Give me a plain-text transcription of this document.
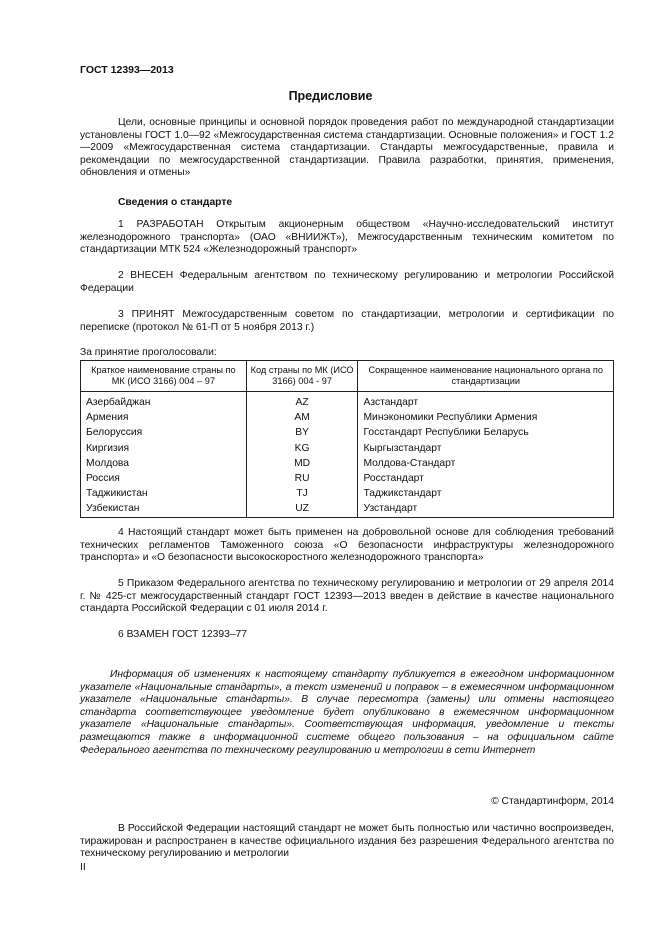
ГОСТ 12393—2013
Предисловие

Цели, основные принципы и основной порядок проведения работ по международной стандартизации установлены ГОСТ 1.0—92 «Межгосударственная система стандартизации. Основные положения» и ГОСТ 1.2—2009 «Межгосударственная система стандартизации. Стандарты межгосударственные, правила и рекомендации по межгосударственной стандартизации. Правила разработки, принятия, применения, обновления и отмены»

Сведения о стандарте

1 РАЗРАБОТАН Открытым акционерным обществом «Научно-исследовательский институт железнодорожного транспорта» (ОАО «ВНИИЖТ»), Межгосударственным техническим комитетом по стандартизации МТК 524 «Железнодорожный транспорт»

2 ВНЕСЕН Федеральным агентством по техническому регулированию и метрологии Российской Федерации

3 ПРИНЯТ Межгосударственным советом по стандартизации, метрологии и сертификации по переписке (протокол № 61-П от 5 ноября 2013 г.)

За принятие проголосовали:
Краткое наименование страны по МК (ИСО 3166) 004 – 97	Код страны по МК (ИСО 3166) 004 - 97	Сокращенное наименование национального органа по стандартизации
Азербайджан	AZ	Азстандарт
Армения	AM	Минэкономики Республики Армения
Белоруссия	BY	Госстандарт Республики Беларусь
Киргизия	KG	Кыргызстандарт
Молдова	MD	Молдова-Стандарт
Россия	RU	Росстандарт
Таджикистан	TJ	Таджикстандарт
Узбекистан	UZ	Узстандарт

4 Настоящий стандарт может быть применен на добровольной основе для соблюдения требований технических регламентов Таможенного союза «О безопасности инфраструктуры железнодорожного транспорта» и «О безопасности высокоскоростного железнодорожного транспорта»

5 Приказом Федерального агентства по техническому регулированию и метрологии от 29 апреля 2014 г. № 425-ст межгосударственный стандарт ГОСТ 12393—2013 введен в действие в качестве национального стандарта Российской Федерации с 01 июля 2014 г.

6 ВЗАМЕН ГОСТ 12393–77

Информация об изменениях к настоящему стандарту публикуется в ежегодном информационном указателе «Национальные стандарты», а текст изменений и поправок – в ежемесячном информационном указателе «Национальные стандарты». В случае пересмотра (замены) или отмены настоящего стандарта соответствующее уведомление будет опубликовано в ежемесячном информационном указателе «Национальные стандарты». Соответствующая информация, уведомление и тексты размещаются также в информационной системе общего пользования – на официальном сайте Федерального агентства по техническому регулированию и метрологии в сети Интернет

© Стандартинформ, 2014

В Российской Федерации настоящий стандарт не может быть полностью или частично воспроизведен, тиражирован и распространен в качестве официального издания без разрешения Федерального агентства по техническому регулированию и метрологии

II
